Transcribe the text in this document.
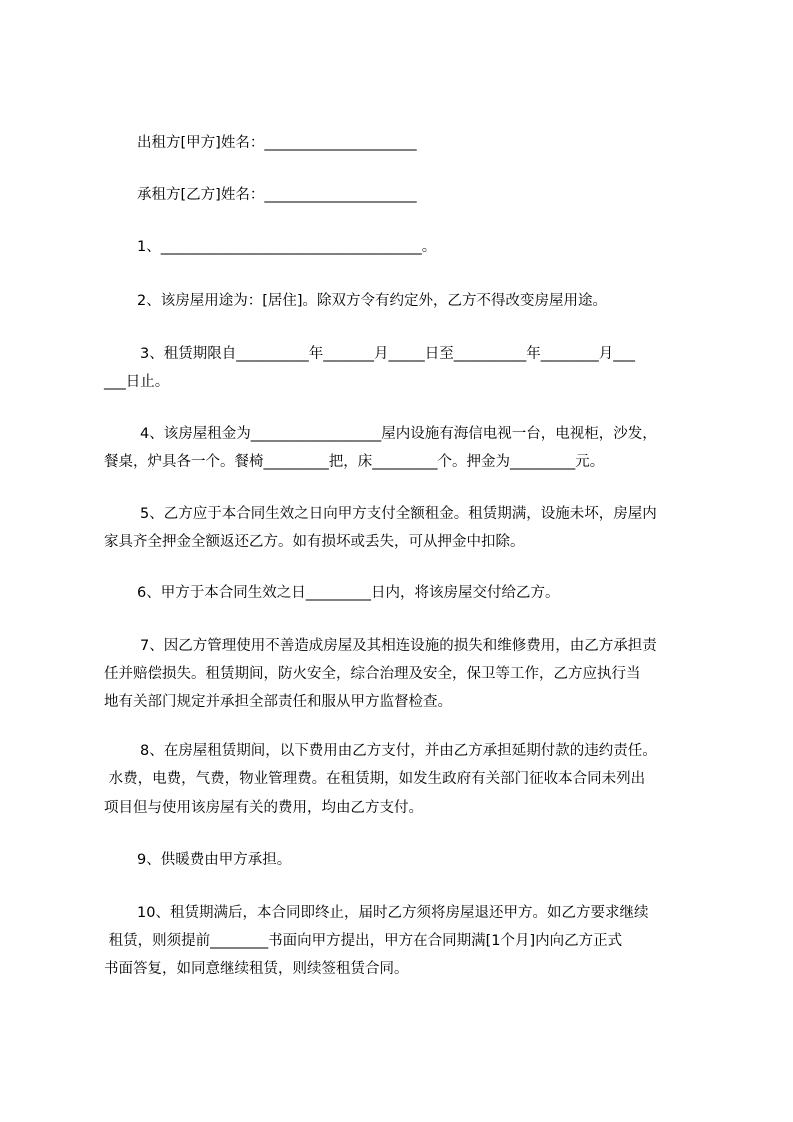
出租方[甲方]姓名：_____________________
承租方[乙方]姓名：_____________________
1、____________________________________。
2、该房屋用途为：[居住]。除双方令有约定外，乙方不得改变房屋用途。
3、租赁期限自__________年_______月_____日至__________年________月___
___日止。
4、该房屋租金为__________________屋内设施有海信电视一台，电视柜，沙发，
餐桌，炉具各一个。餐椅_________把，床_________个。押金为_________元。
5、乙方应于本合同生效之日向甲方支付全额租金。租赁期满，设施未坏，房屋内
家具齐全押金全额返还乙方。如有损坏或丢失，可从押金中扣除。
6、甲方于本合同生效之日_________日内，将该房屋交付给乙方。
7、因乙方管理使用不善造成房屋及其相连设施的损失和维修费用，由乙方承担责
任并赔偿损失。租赁期间，防火安全，综合治理及安全，保卫等工作，乙方应执行当
地有关部门规定并承担全部责任和服从甲方监督检查。
8、在房屋租赁期间，以下费用由乙方支付，并由乙方承担延期付款的违约责任。
水费，电费，气费，物业管理费。在租赁期，如发生政府有关部门征收本合同未列出
项目但与使用该房屋有关的费用，均由乙方支付。
9、供暖费由甲方承担。
10、租赁期满后，本合同即终止，届时乙方须将房屋退还甲方。如乙方要求继续
租赁，则须提前________书面向甲方提出，甲方在合同期满[1个月]内向乙方正式
书面答复，如同意继续租赁，则续签租赁合同。
